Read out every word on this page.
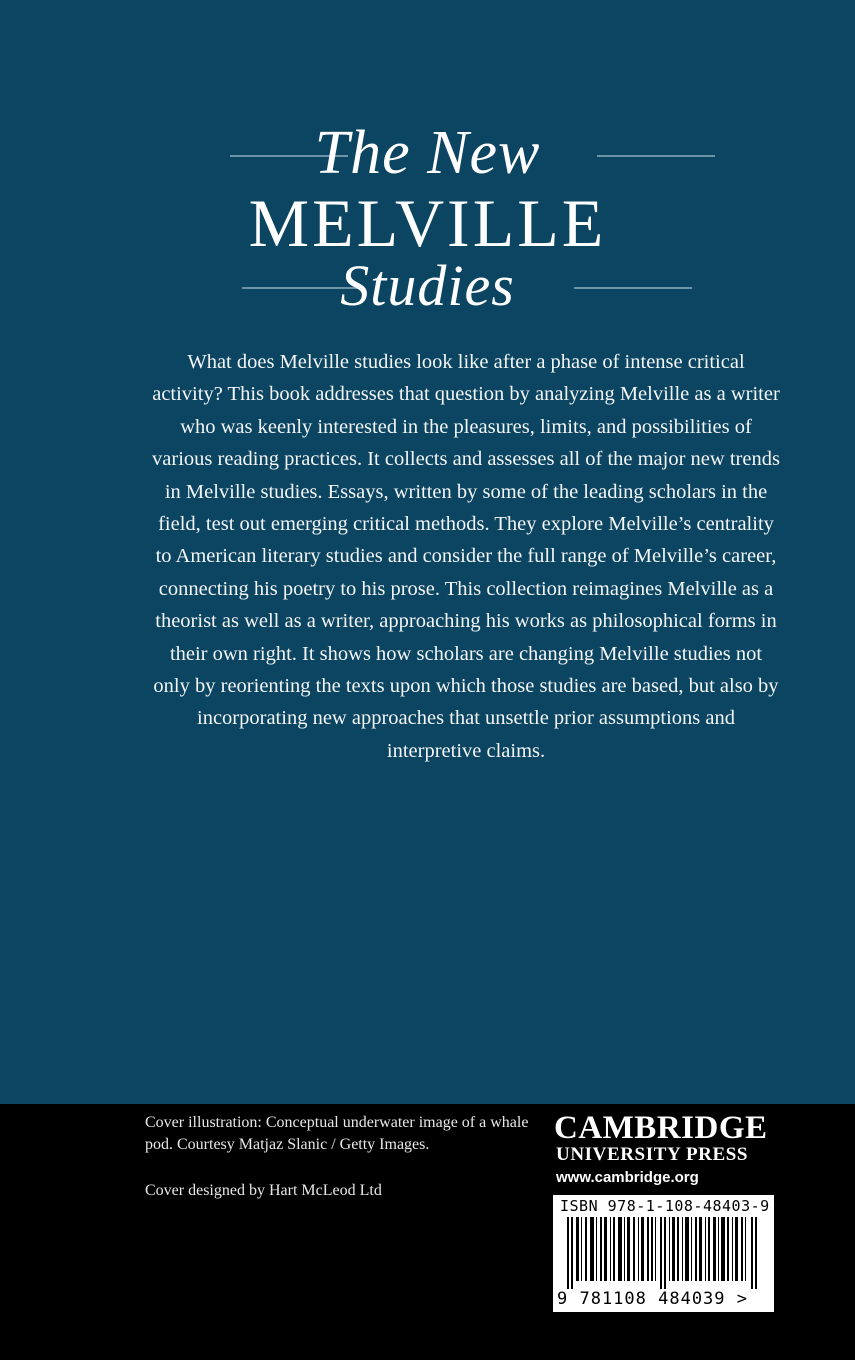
The New
MELVILLE
Studies
What does Melville studies look like after a phase of intense critical activity? This book addresses that question by analyzing Melville as a writer who was keenly interested in the pleasures, limits, and possibilities of various reading practices. It collects and assesses all of the major new trends in Melville studies. Essays, written by some of the leading scholars in the field, test out emerging critical methods. They explore Melville’s centrality to American literary studies and consider the full range of Melville’s career, connecting his poetry to his prose. This collection reimagines Melville as a theorist as well as a writer, approaching his works as philosophical forms in their own right. It shows how scholars are changing Melville studies not only by reorienting the texts upon which those studies are based, but also by incorporating new approaches that unsettle prior assumptions and interpretive claims.
Cover illustration: Conceptual underwater image of a whale pod. Courtesy Matjaz Slanic / Getty Images.
Cover designed by Hart McLeod Ltd
CAMBRIDGE
UNIVERSITY PRESS
www.cambridge.org
ISBN 978-1-108-48403-9
9 781108 484039 >
